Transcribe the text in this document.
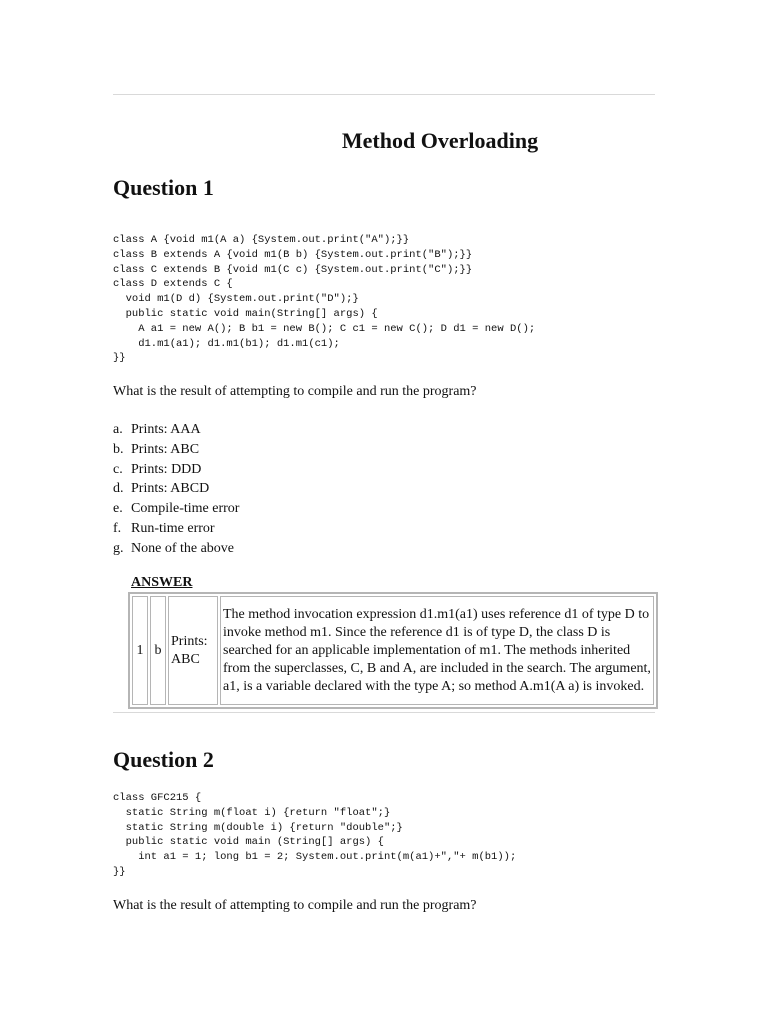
Method Overloading
Question 1
class A {void m1(A a) {System.out.print("A");}}
class B extends A {void m1(B b) {System.out.print("B");}}
class C extends B {void m1(C c) {System.out.print("C");}}
class D extends C {
void m1(D d) {System.out.print("D");}
public static void main(String[] args) {
A a1 = new A(); B b1 = new B(); C c1 = new C(); D d1 = new D();
d1.m1(a1); d1.m1(b1); d1.m1(c1);
}}

What is the result of attempting to compile and run the program?
a. Prints: AAA
b. Prints: ABC
c. Prints: DDD
d. Prints: ABCD
e. Compile-time error
f. Run-time error
g. None of the above
ANSWER
1	b	Prints: ABC	The method invocation expression d1.m1(a1) uses reference d1 of type D to invoke method m1. Since the reference d1 is of type D, the class D is searched for an applicable implementation of m1. The methods inherited from the superclasses, C, B and A, are included in the search. The argument, a1, is a variable declared with the type A; so method A.m1(A a) is invoked.
Question 2
class GFC215 {
static String m(float i) {return "float";}
static String m(double i) {return "double";}
public static void main (String[] args) {
int a1 = 1; long b1 = 2; System.out.print(m(a1)+","+ m(b1));
}}

What is the result of attempting to compile and run the program?
